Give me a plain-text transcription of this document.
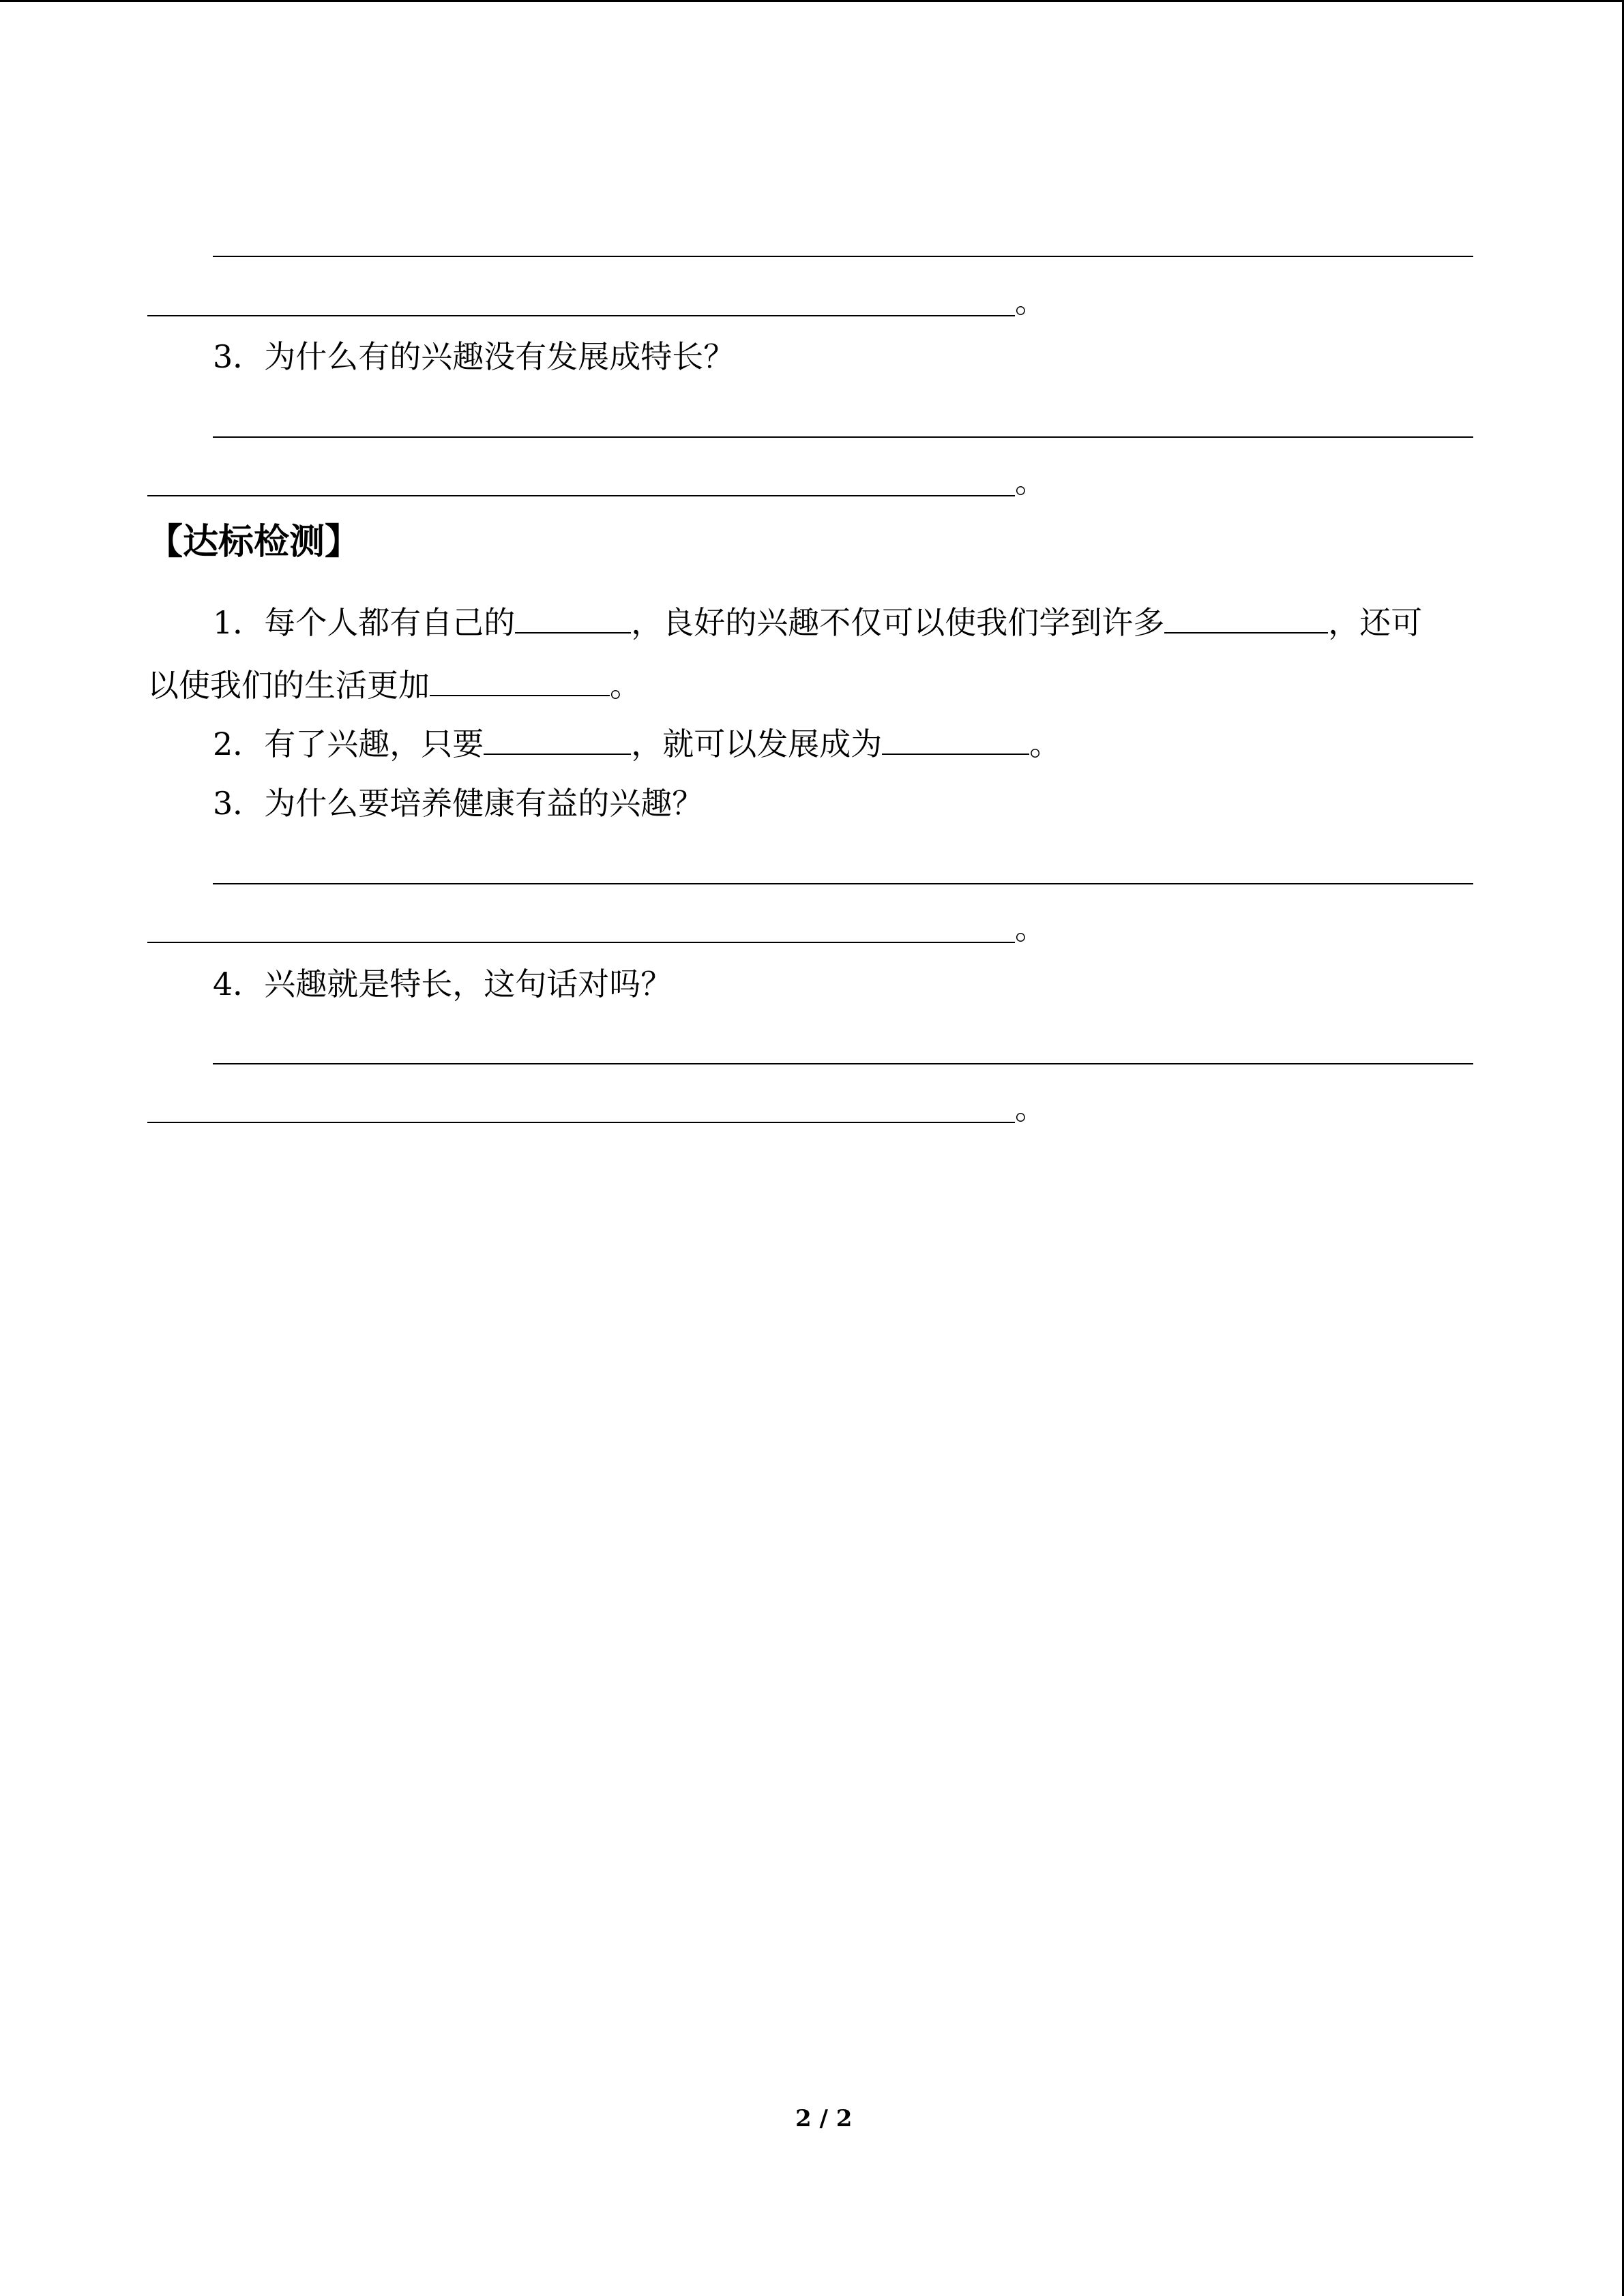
。
3．为什么有的兴趣没有发展成特长？
。
【达标检测】
1．每个人都有自己的	，良好的兴趣不仅可以使我们学到许多	，还可
以使我们的生活更加	。
2．有了兴趣，只要	，就可以发展成为	。
3．为什么要培养健康有益的兴趣？
。
4．兴趣就是特长，这句话对吗？
。
2 / 2
